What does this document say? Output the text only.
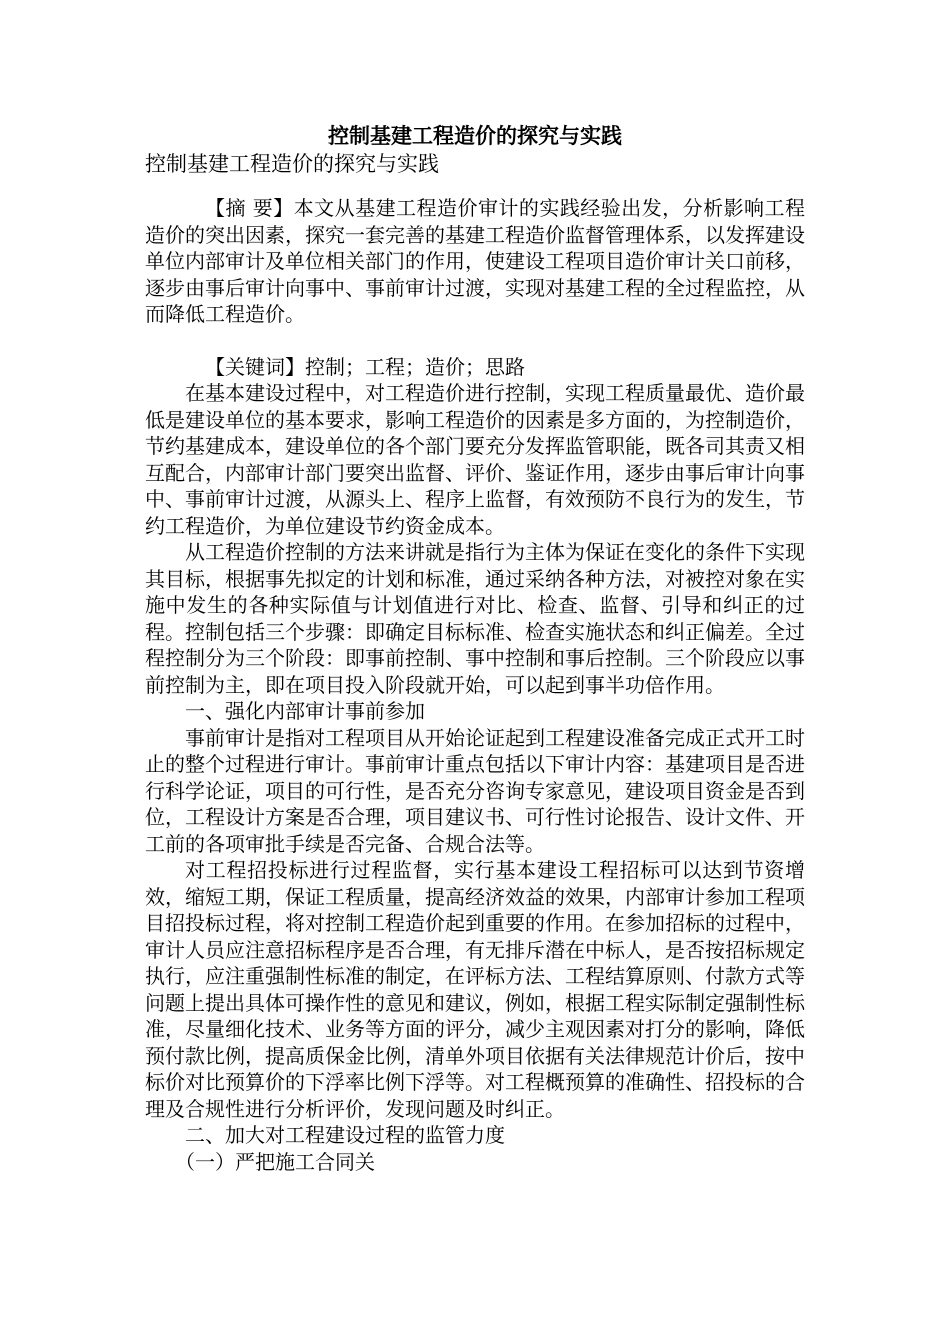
控制基建工程造价的探究与实践
控制基建工程造价的探究与实践

【摘 要】本文从基建工程造价审计的实践经验出发，分析影响工程造价的突出因素，探究一套完善的基建工程造价监督管理体系，以发挥建设单位内部审计及单位相关部门的作用，使建设工程项目造价审计关口前移，逐步由事后审计向事中、事前审计过渡，实现对基建工程的全过程监控，从而降低工程造价。

【关键词】控制；工程；造价；思路

在基本建设过程中，对工程造价进行控制，实现工程质量最优、造价最低是建设单位的基本要求，影响工程造价的因素是多方面的，为控制造价，节约基建成本，建设单位的各个部门要充分发挥监管职能，既各司其责又相互配合，内部审计部门要突出监督、评价、鉴证作用，逐步由事后审计向事中、事前审计过渡，从源头上、程序上监督，有效预防不良行为的发生，节约工程造价，为单位建设节约资金成本。

从工程造价控制的方法来讲就是指行为主体为保证在变化的条件下实现其目标，根据事先拟定的计划和标准，通过采纳各种方法，对被控对象在实施中发生的各种实际值与计划值进行对比、检查、监督、引导和纠正的过程。控制包括三个步骤：即确定目标标准、检查实施状态和纠正偏差。全过程控制分为三个阶段：即事前控制、事中控制和事后控制。三个阶段应以事前控制为主，即在项目投入阶段就开始，可以起到事半功倍作用。

一、强化内部审计事前参加

事前审计是指对工程项目从开始论证起到工程建设准备完成正式开工时止的整个过程进行审计。事前审计重点包括以下审计内容：基建项目是否进行科学论证，项目的可行性，是否充分咨询专家意见，建设项目资金是否到位，工程设计方案是否合理，项目建议书、可行性讨论报告、设计文件、开工前的各项审批手续是否完备、合规合法等。

对工程招投标进行过程监督，实行基本建设工程招标可以达到节资增效，缩短工期，保证工程质量，提高经济效益的效果，内部审计参加工程项目招投标过程，将对控制工程造价起到重要的作用。在参加招标的过程中，审计人员应注意招标程序是否合理，有无排斥潜在中标人，是否按招标规定执行，应注重强制性标准的制定，在评标方法、工程结算原则、付款方式等问题上提出具体可操作性的意见和建议，例如，根据工程实际制定强制性标准，尽量细化技术、业务等方面的评分，减少主观因素对打分的影响，降低预付款比例，提高质保金比例，清单外项目依据有关法律规范计价后，按中标价对比预算价的下浮率比例下浮等。对工程概预算的准确性、招投标的合理及合规性进行分析评价，发现问题及时纠正。

二、加大对工程建设过程的监管力度

（一）严把施工合同关
